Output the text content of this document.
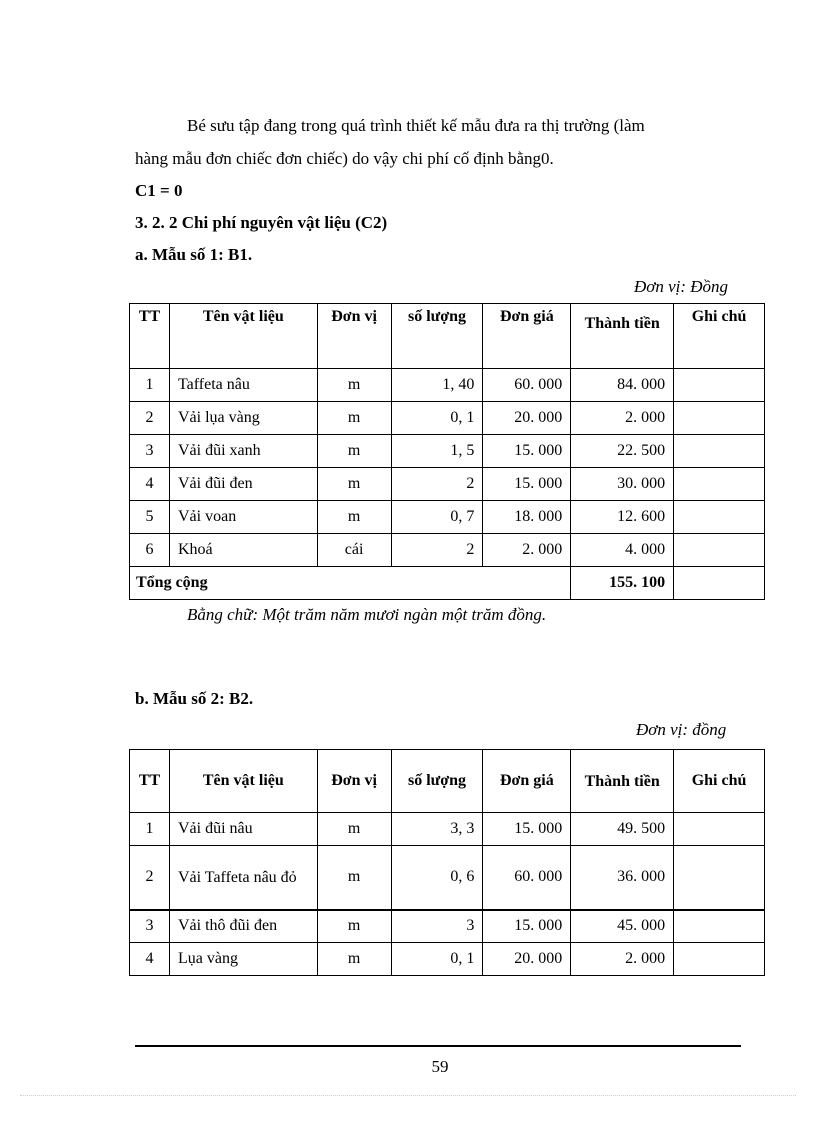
Bé sưu tập đang trong quá trình thiết kế mẫu đưa ra thị trường (làm
hàng mẫu đơn chiếc đơn chiếc) do vậy chi phí cố định bằng0.
C1 = 0
3. 2. 2 Chi phí nguyên vật liệu (C2)
a. Mẫu số 1: B1.
Đơn vị: Đồng
TT	Tên vật liệu	Đơn vị	số lượng	Đơn giá	Thành tiền	Ghi chú
1	Taffeta nâu	m	1, 40	60. 000	84. 000	
2	Vải lụa vàng	m	0, 1	20. 000	2. 000	
3	Vải đũi xanh	m	1, 5	15. 000	22. 500	
4	Vải đũi đen	m	2	15. 000	30. 000	
5	Vải voan	m	0, 7	18. 000	12. 600	
6	Khoá	cái	2	2. 000	4. 000	
Tổng cộng					155. 100	
Bằng chữ: Một trăm năm mươi ngàn một trăm đồng.
b. Mẫu số 2: B2.
Đơn vị: đồng
TT	Tên vật liệu	Đơn vị	số lượng	Đơn giá	Thành tiền	Ghi chú
1	Vải đũi nâu	m	3, 3	15. 000	49. 500	
2	Vải Taffeta nâu đỏ	m	0, 6	60. 000	36. 000	
3	Vải thô đũi đen	m	3	15. 000	45. 000	
4	Lụa vàng	m	0, 1	20. 000	2. 000	
59
